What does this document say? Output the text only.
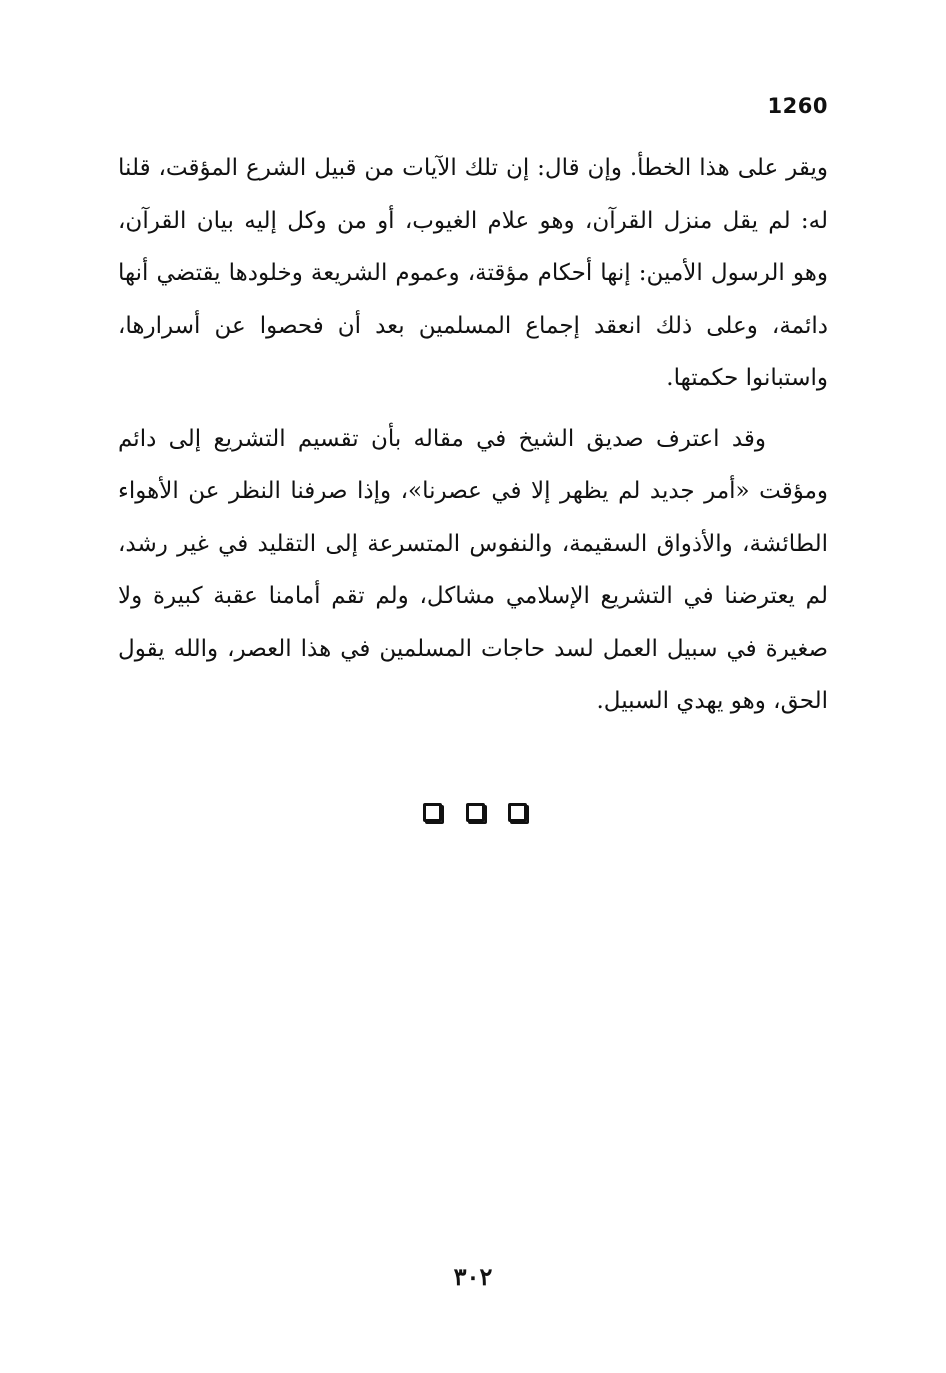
1260

ويقر على هذا الخطأ. وإن قال: إن تلك الآيات من قبيل الشرع المؤقت، قلنا له: لم يقل منزل القرآن، وهو علام الغيوب، أو من وكل إليه بيان القرآن، وهو الرسول الأمين: إنها أحكام مؤقتة، وعموم الشريعة وخلودها يقتضي أنها دائمة، وعلى ذلك انعقد إجماع المسلمين بعد أن فحصوا عن أسرارها، واستبانوا حكمتها.

وقد اعترف صديق الشيخ في مقاله بأن تقسيم التشريع إلى دائم ومؤقت «أمر جديد لم يظهر إلا في عصرنا»، وإذا صرفنا النظر عن الأهواء الطائشة، والأذواق السقيمة، والنفوس المتسرعة إلى التقليد في غير رشد، لم يعترضنا في التشريع الإسلامي مشاكل، ولم تقم أمامنا عقبة كبيرة ولا صغيرة في سبيل العمل لسد حاجات المسلمين في هذا العصر، والله يقول الحق، وهو يهدي السبيل.

٣٠٢
